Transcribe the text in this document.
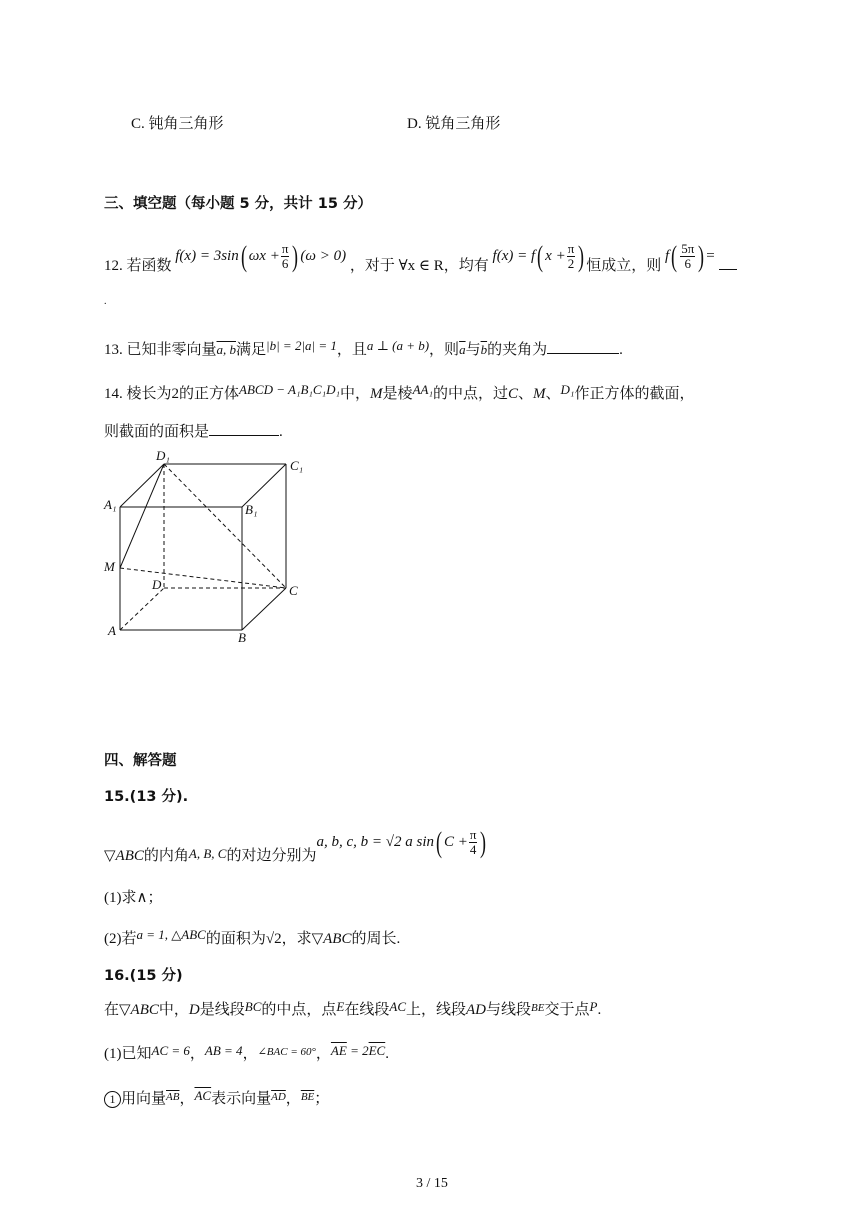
C. 钝角三角形	D. 锐角三角形
三、填空题（每小题 5 分，共计 15 分）
12. 若函数 f(x) = 3sin( $\omega x + \frac{\pi}{6}$ ) (ω > 0) ，对于 ∀x ∈ R，均有 f(x) = f( $x + \frac{\pi}{2}$ ) 恒成立，则 $f( \frac{5\pi}{6}$ ) =
.
13. 已知非零向量a, b满足|b| = 2|a| = 1，且a ⊥ (a + b)，则$\overline{a}$与$\overline{b}$的夹角为	.
14. 棱长为2的正方体ABCD − A₁B₁C₁D₁中，M是棱AA₁的中点，过C、M、D₁作正方体的截面，
则截面的面积是	.
D₁
C₁
A₁	B₁
M
D	C
A	B
四、解答题
15.(13 分).
▽ABC的内角A, B, C的对边分别为a, b, c, b = √2 a sin( $C + \frac{\pi}{4}$ )
(1)求∧；
(2)若a = 1, △ABC的面积为√2，求▽ABC的周长.
16.(15 分)
在▽ABC中，D是线段BC的中点，点E在线段AC上，线段AD与线段$^{BE}$交于点P.
(1)已知AC = 6，AB = 4，$^{\angle BAC = 60^\circ}$，$\overline{AE} = 2\overline{EC}$.
1 用向量$^{\overline{AB}}$，$\overline{AC}$表示向量$^{\overline{AD}}$，$^{\overline{BE}}$；
3 / 15
